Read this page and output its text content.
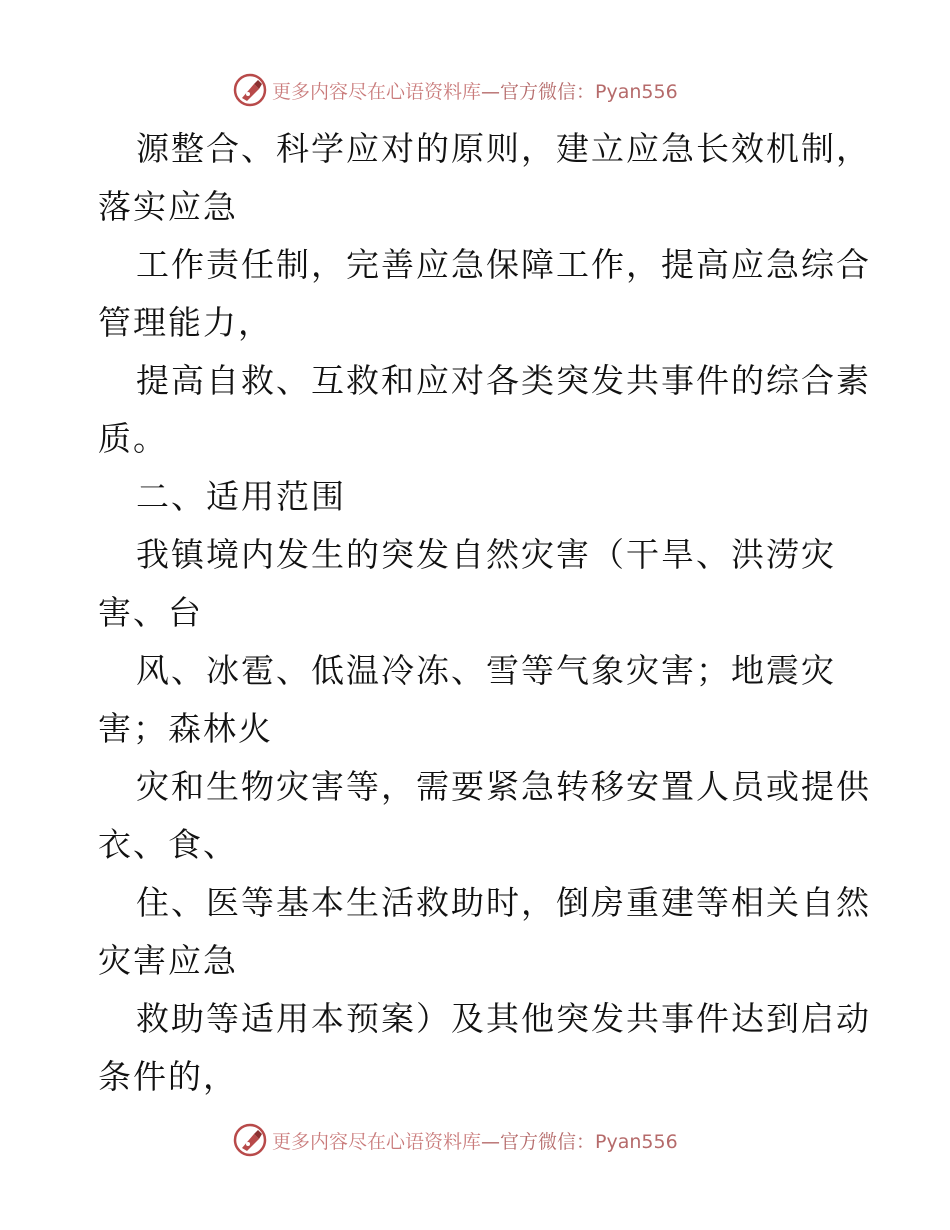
更多内容尽在心语资料库 —官方微信：Pyan556
源整合、科学应对的原则，建立应急长效机制，
落实应急
工作责任制，完善应急保障工作，提高应急综合
管理能力，
提高自救、互救和应对各类突发共事件的综合素
质。
二、适用范围
我镇境内发生的突发自然灾害（干旱、洪涝灾
害、台
风、冰雹、低温冷冻、雪等气象灾害；地震灾
害；森林火
灾和生物灾害等，需要紧急转移安置人员或提供
衣、食、
住、医等基本生活救助时，倒房重建等相关自然
灾害应急
救助等适用本预案）及其他突发共事件达到启动
条件的，
更多内容尽在心语资料库 —官方微信：Pyan556
